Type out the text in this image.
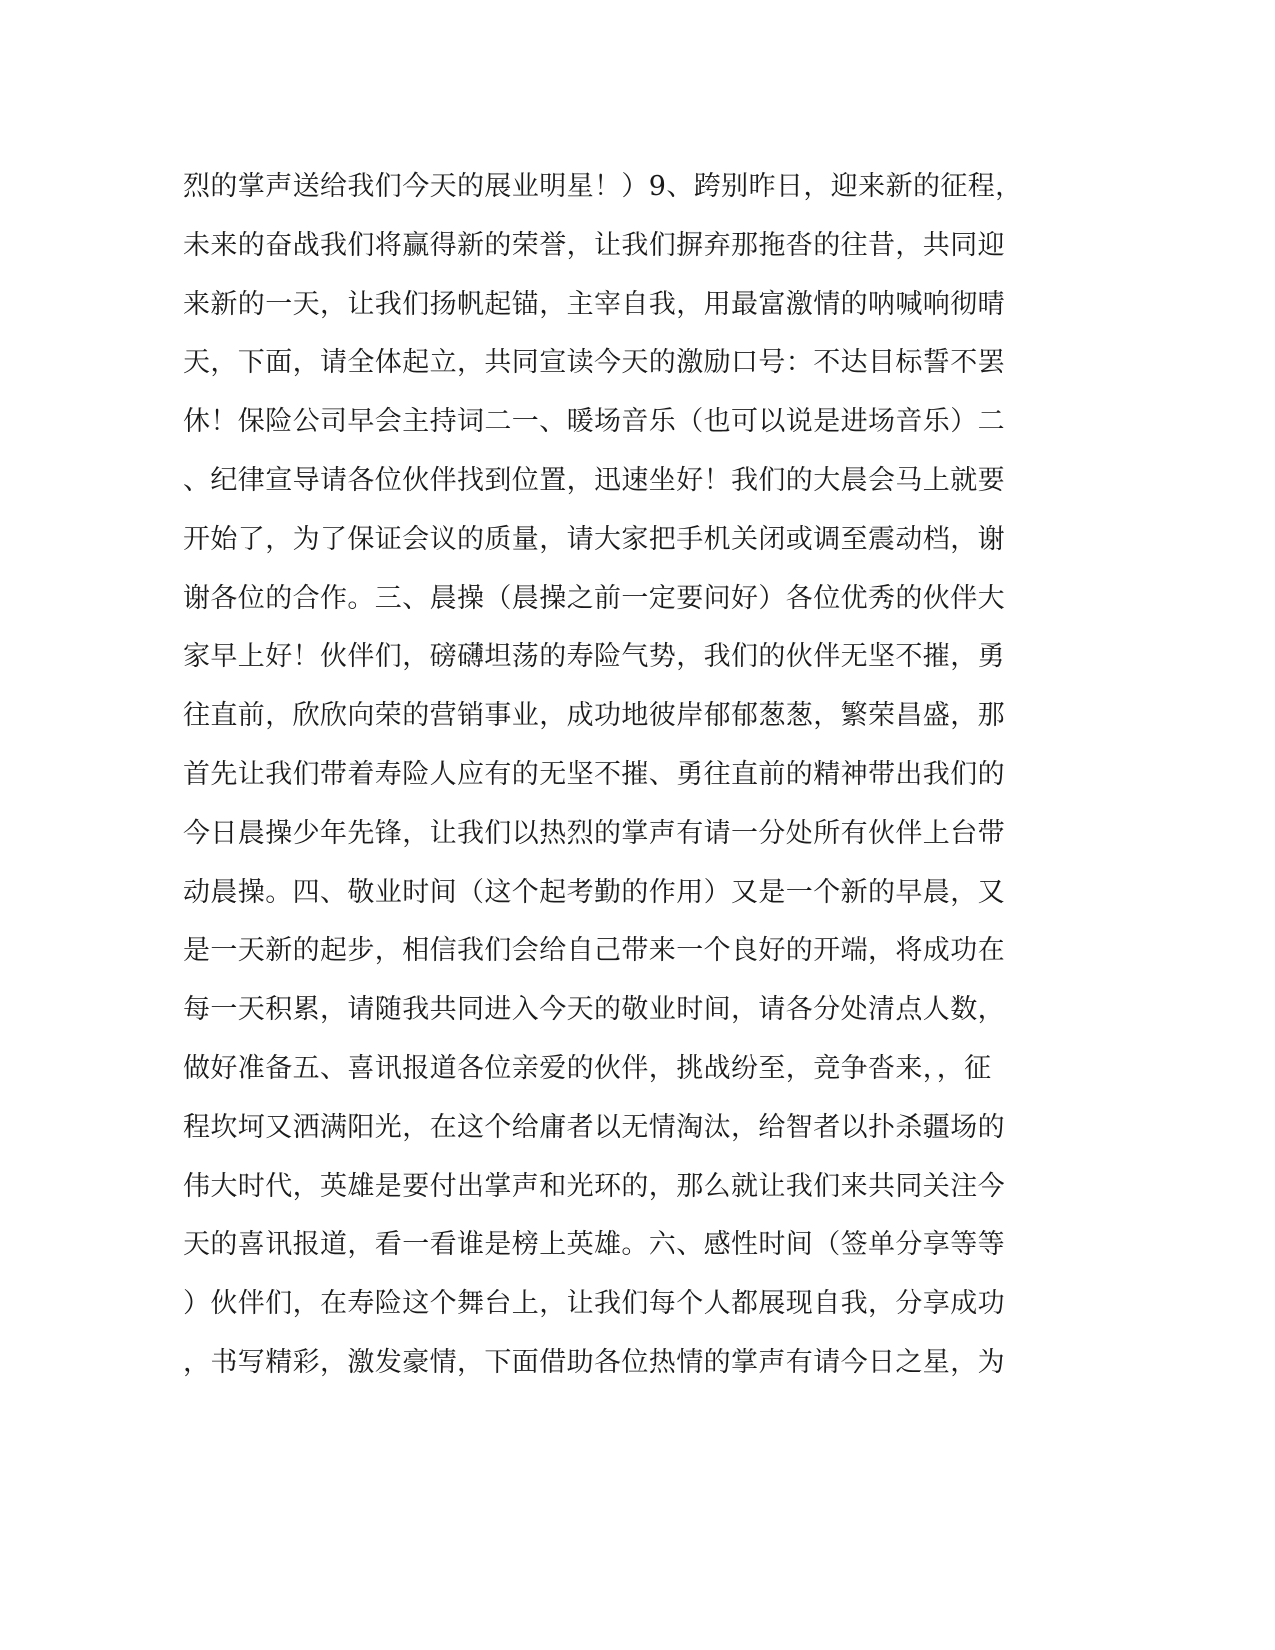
烈的掌声送给我们今天的展业明星！）9、跨别昨日，迎来新的征程，
未来的奋战我们将赢得新的荣誉，让我们摒弃那拖沓的往昔，共同迎
来新的一天，让我们扬帆起锚，主宰自我，用最富激情的呐喊响彻晴
天，下面，请全体起立，共同宣读今天的激励口号：不达目标誓不罢
休！保险公司早会主持词二一、暖场音乐（也可以说是进场音乐）二
、纪律宣导请各位伙伴找到位置，迅速坐好！我们的大晨会马上就要
开始了，为了保证会议的质量，请大家把手机关闭或调至震动档，谢
谢各位的合作。三、晨操（晨操之前一定要问好）各位优秀的伙伴大
家早上好！伙伴们，磅礴坦荡的寿险气势，我们的伙伴无坚不摧，勇
往直前，欣欣向荣的营销事业，成功地彼岸郁郁葱葱，繁荣昌盛，那
首先让我们带着寿险人应有的无坚不摧、勇往直前的精神带出我们的
今日晨操少年先锋，让我们以热烈的掌声有请一分处所有伙伴上台带
动晨操。四、敬业时间（这个起考勤的作用）又是一个新的早晨，又
是一天新的起步，相信我们会给自己带来一个良好的开端，将成功在
每一天积累，请随我共同进入今天的敬业时间，请各分处清点人数，
做好准备五、喜讯报道各位亲爱的伙伴，挑战纷至，竞争沓来，，征
程坎坷又洒满阳光，在这个给庸者以无情淘汰，给智者以扑杀疆场的
伟大时代，英雄是要付出掌声和光环的，那么就让我们来共同关注今
天的喜讯报道，看一看谁是榜上英雄。六、感性时间（签单分享等等
）伙伴们，在寿险这个舞台上，让我们每个人都展现自我，分享成功
，书写精彩，激发豪情，下面借助各位热情的掌声有请今日之星，为
